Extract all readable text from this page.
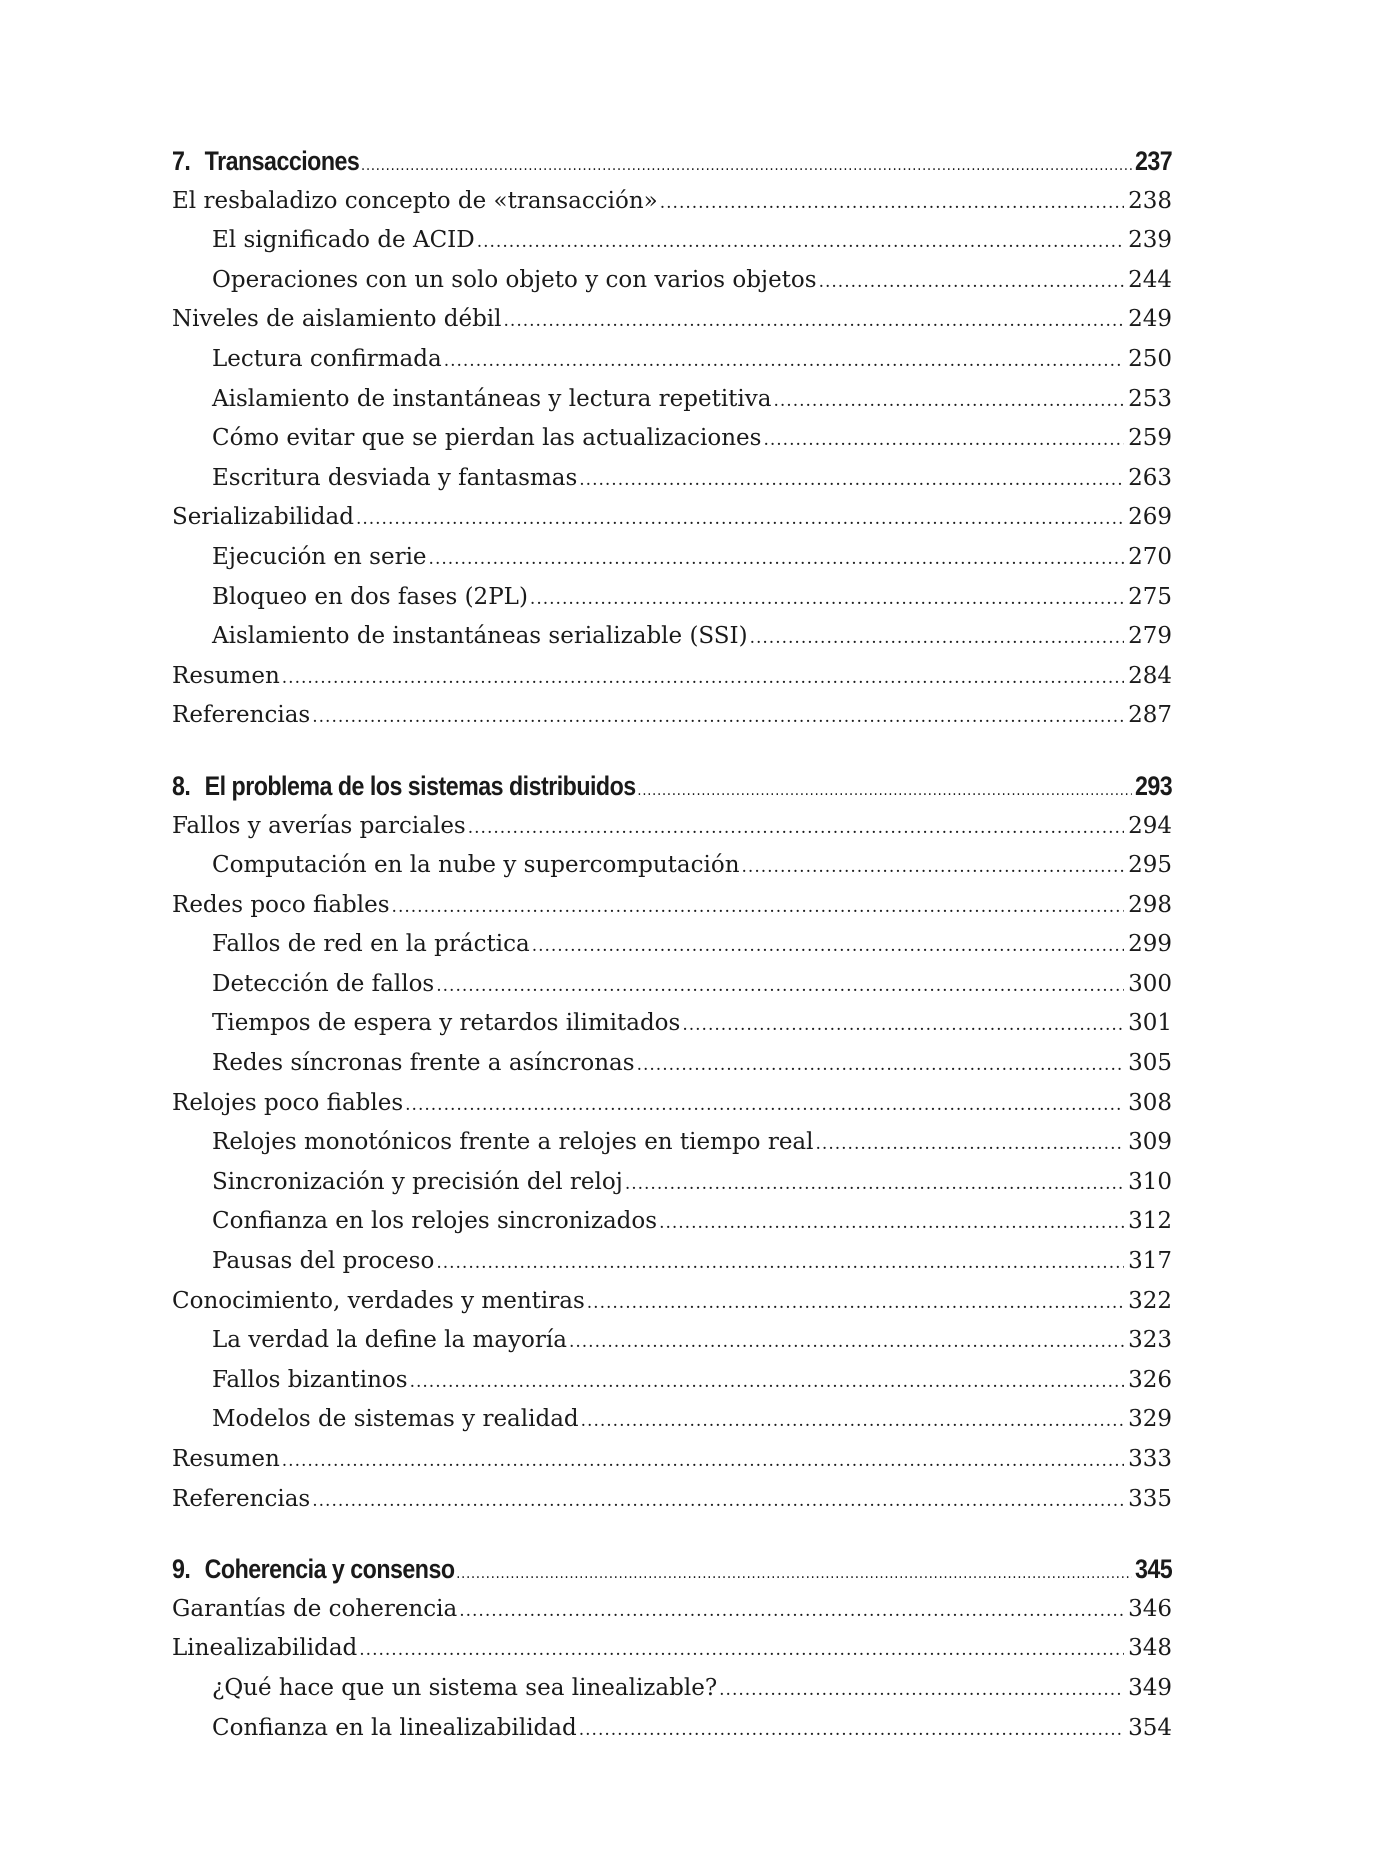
7. Transacciones .....	237
El resbaladizo concepto de «transacción» .....	238
El significado de ACID .....	239
Operaciones con un solo objeto y con varios objetos .....	244
Niveles de aislamiento débil .....	249
Lectura confirmada .....	250
Aislamiento de instantáneas y lectura repetitiva .....	253
Cómo evitar que se pierdan las actualizaciones .....	259
Escritura desviada y fantasmas .....	263
Serializabilidad .....	269
Ejecución en serie .....	270
Bloqueo en dos fases (2PL) .....	275
Aislamiento de instantáneas serializable (SSI) .....	279
Resumen .....	284
Referencias .....	287
8. El problema de los sistemas distribuidos .....	293
Fallos y averías parciales .....	294
Computación en la nube y supercomputación .....	295
Redes poco fiables .....	298
Fallos de red en la práctica .....	299
Detección de fallos .....	300
Tiempos de espera y retardos ilimitados .....	301
Redes síncronas frente a asíncronas .....	305
Relojes poco fiables .....	308
Relojes monotónicos frente a relojes en tiempo real .....	309
Sincronización y precisión del reloj .....	310
Confianza en los relojes sincronizados .....	312
Pausas del proceso .....	317
Conocimiento, verdades y mentiras .....	322
La verdad la define la mayoría .....	323
Fallos bizantinos .....	326
Modelos de sistemas y realidad .....	329
Resumen .....	333
Referencias .....	335
9. Coherencia y consenso .....	345
Garantías de coherencia .....	346
Linealizabilidad .....	348
¿Qué hace que un sistema sea linealizable? .....	349
Confianza en la linealizabilidad .....	354
